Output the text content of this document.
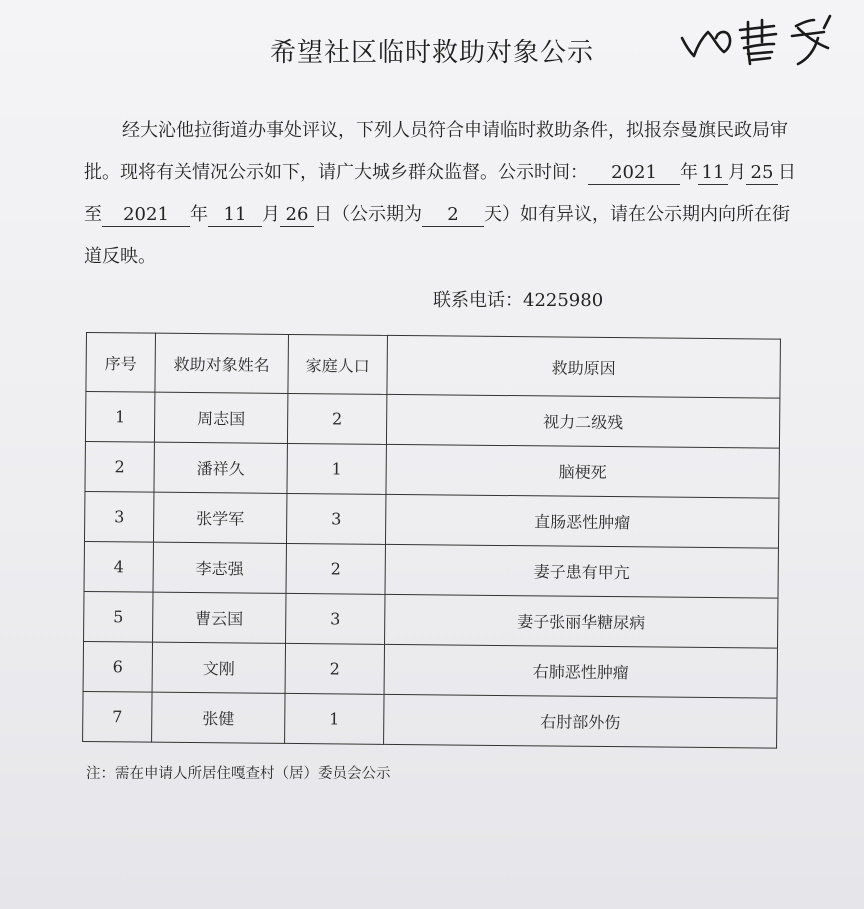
希望社区临时救助对象公示
经大沁他拉街道办事处评议，下列人员符合申请临时救助条件，拟报奈曼旗民政局审批。现将有关情况公示如下，请广大城乡群众监督。公示时间： 2021 年 11 月 25 日至 2021 年 11 月 26 日（公示期为 2 天）如有异议，请在公示期内向所在街道反映。
联系电话：4225980
序号	救助对象姓名	家庭人口	救助原因
1	周志国	2	视力二级残
2	潘祥久	1	脑梗死
3	张学军	3	直肠恶性肿瘤
4	李志强	2	妻子患有甲亢
5	曹云国	3	妻子张丽华糖尿病
6	文刚	2	右肺恶性肿瘤
7	张健	1	右肘部外伤
注：需在申请人所居住嘎查村（居）委员会公示
